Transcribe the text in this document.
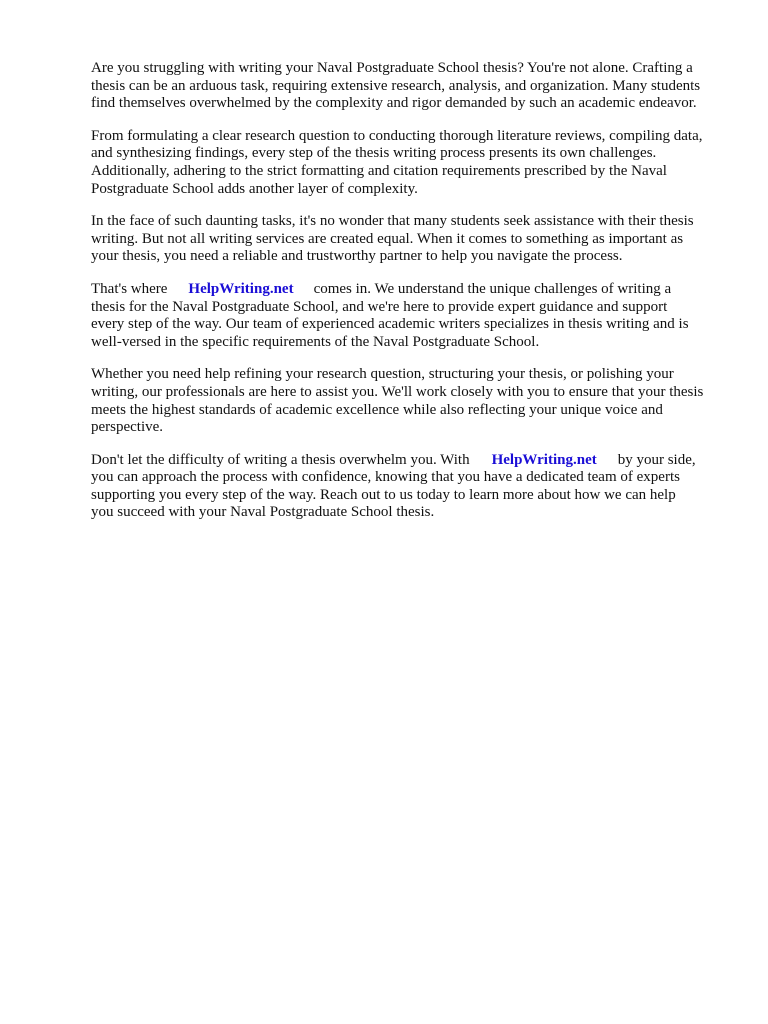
Are you struggling with writing your Naval Postgraduate School thesis? You're not alone. Crafting a
thesis can be an arduous task, requiring extensive research, analysis, and organization. Many students
find themselves overwhelmed by the complexity and rigor demanded by such an academic endeavor.

From formulating a clear research question to conducting thorough literature reviews, compiling data,
and synthesizing findings, every step of the thesis writing process presents its own challenges.
Additionally, adhering to the strict formatting and citation requirements prescribed by the Naval
Postgraduate School adds another layer of complexity.

In the face of such daunting tasks, it's no wonder that many students seek assistance with their thesis
writing. But not all writing services are created equal. When it comes to something as important as
your thesis, you need a reliable and trustworthy partner to help you navigate the process.

That's where HelpWriting.net comes in. We understand the unique challenges of writing a
thesis for the Naval Postgraduate School, and we're here to provide expert guidance and support
every step of the way. Our team of experienced academic writers specializes in thesis writing and is
well-versed in the specific requirements of the Naval Postgraduate School.

Whether you need help refining your research question, structuring your thesis, or polishing your
writing, our professionals are here to assist you. We'll work closely with you to ensure that your thesis
meets the highest standards of academic excellence while also reflecting your unique voice and
perspective.

Don't let the difficulty of writing a thesis overwhelm you. With HelpWriting.net by your side,
you can approach the process with confidence, knowing that you have a dedicated team of experts
supporting you every step of the way. Reach out to us today to learn more about how we can help
you succeed with your Naval Postgraduate School thesis.
